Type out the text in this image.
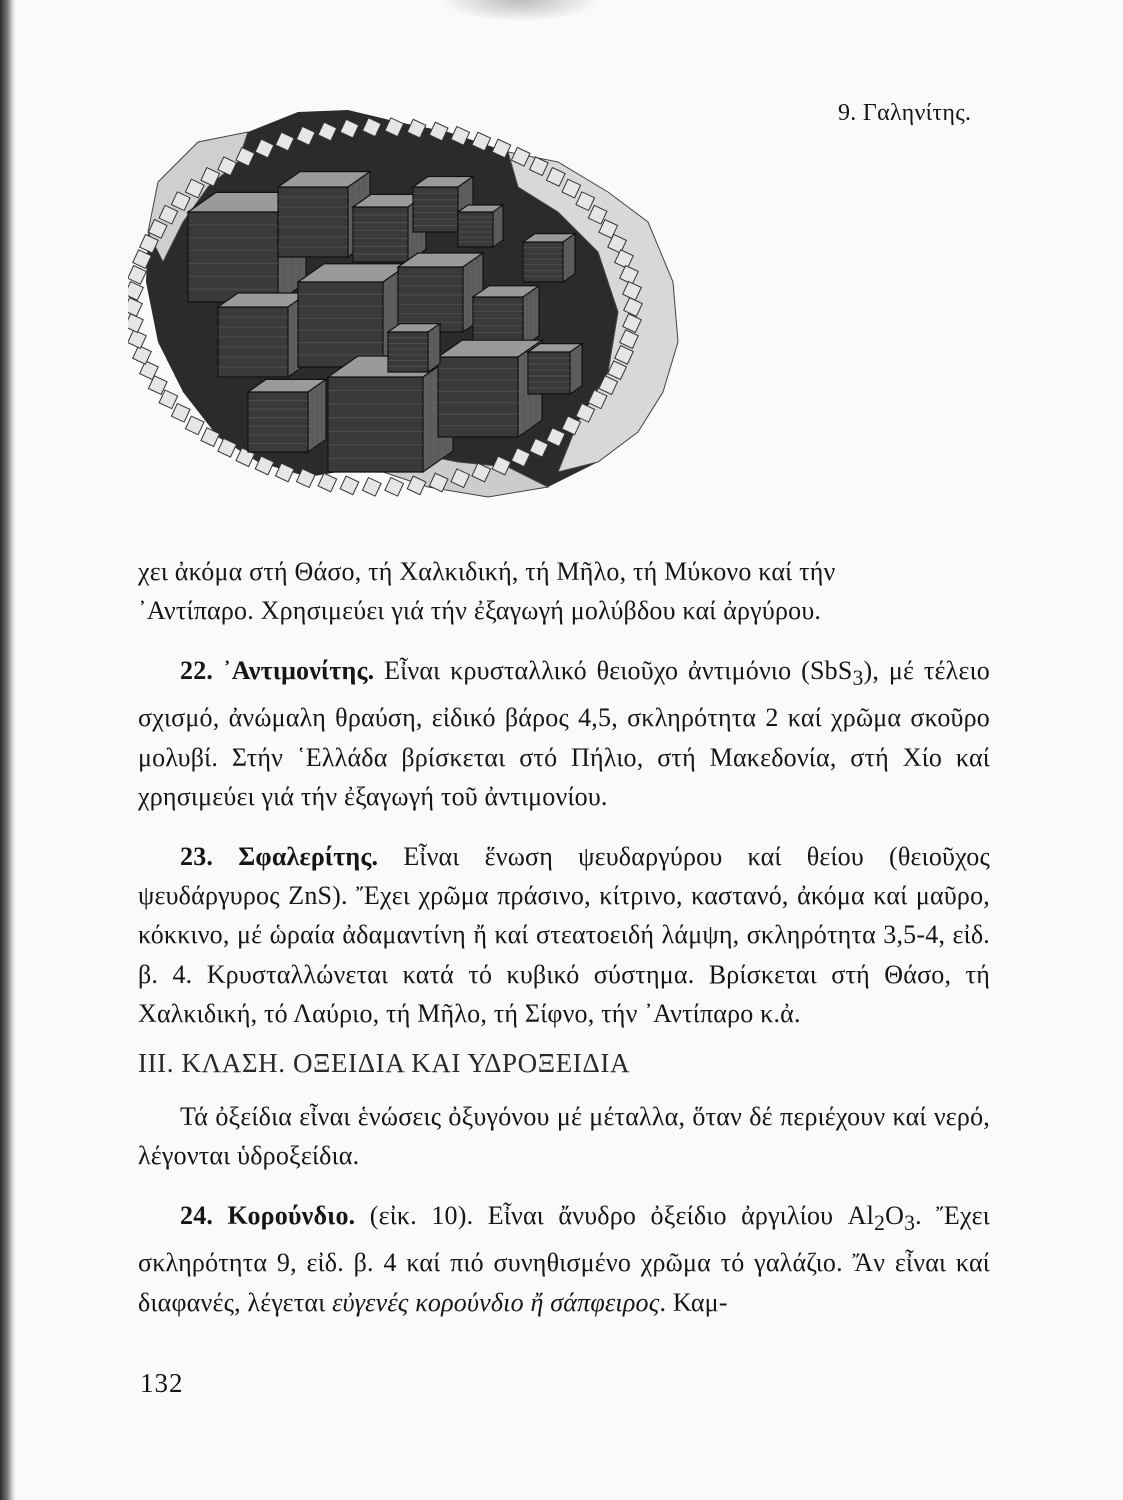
9. Γαληνίτης.

χει ἀκόμα στή Θάσο, τή Χαλκιδική, τή Μῆλο, τή Μύκονο καί τήν
᾿Αντίπαρο. Χρησιμεύει γιά τήν ἐξαγωγή μολύβδου καί ἀργύρου.

22. ᾿Αντιμονίτης. Εἶναι κρυσταλλικό θειοῦχο ἀντιμόνιο (SbS$_3$), μέ τέλειο σχισμό, ἀνώμαλη θραύση, εἰδικό βάρος 4,5, σκληρότητα 2 καί χρῶμα σκοῦρο μολυβί. Στήν ῾Ελλάδα βρίσκεται στό Πήλιο, στή Μακεδονία, στή Χίο καί χρησιμεύει γιά τήν ἐξαγωγή τοῦ ἀντιμονίου.

23. Σφαλερίτης. Εἶναι ἕνωση ψευδαργύρου καί θείου (θειοῦχος ψευδάργυρος ZnS). Ἔχει χρῶμα πράσινο, κίτρινο, καστανό, ἀκόμα καί μαῦρο, κόκκινο, μέ ὡραία ἀδαμαντίνη ἤ καί στεατοειδή λάμψη, σκληρότητα 3,5-4, εἰδ. β. 4. Κρυσταλλώνεται κατά τό κυβικό σύστημα. Βρίσκεται στή Θάσο, τή Χαλκιδική, τό Λαύριο, τή Μῆλο, τή Σίφνο, τήν ᾿Αντίπαρο κ.ἀ.

III. ΚΛΑΣΗ. ΟΞΕΙΔΙΑ ΚΑΙ ΥΔΡΟΞΕΙΔΙΑ

Τά ὀξείδια εἶναι ἑνώσεις ὀξυγόνου μέ μέταλλα, ὅταν δέ περιέχουν καί νερό, λέγονται ὑδροξείδια.

24. Κορούνδιο. (εἰκ. 10). Εἶναι ἄνυδρο ὀξείδιο ἀργιλίου $Al_2O_3$. Ἔχει σκληρότητα 9, εἰδ. β. 4 καί πιό συνηθισμένο χρῶμα τό γαλάζιο. Ἄν εἶναι καί διαφανές, λέγεται εὐγενές κορούνδιο ἤ σάπφειρος. Καμ-

132
